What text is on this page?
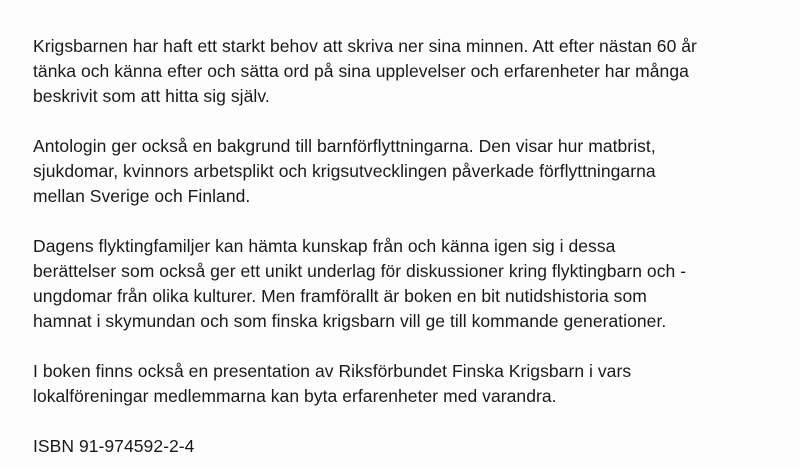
Krigsbarnen har haft ett starkt behov att skriva ner sina minnen. Att efter nästan 60 år
tänka och känna efter och sätta ord på sina upplevelser och erfarenheter har många
beskrivit som att hitta sig själv.

Antologin ger också en bakgrund till barnförflyttningarna. Den visar hur matbrist,
sjukdomar, kvinnors arbetsplikt och krigsutvecklingen påverkade förflyttningarna
mellan Sverige och Finland.

Dagens flyktingfamiljer kan hämta kunskap från och känna igen sig i dessa
berättelser som också ger ett unikt underlag för diskussioner kring flyktingbarn och -
ungdomar från olika kulturer. Men framförallt är boken en bit nutidshistoria som
hamnat i skymundan och som finska krigsbarn vill ge till kommande generationer.

I boken finns också en presentation av Riksförbundet Finska Krigsbarn i vars
lokalföreningar medlemmarna kan byta erfarenheter med varandra.

ISBN 91-974592-2-4
